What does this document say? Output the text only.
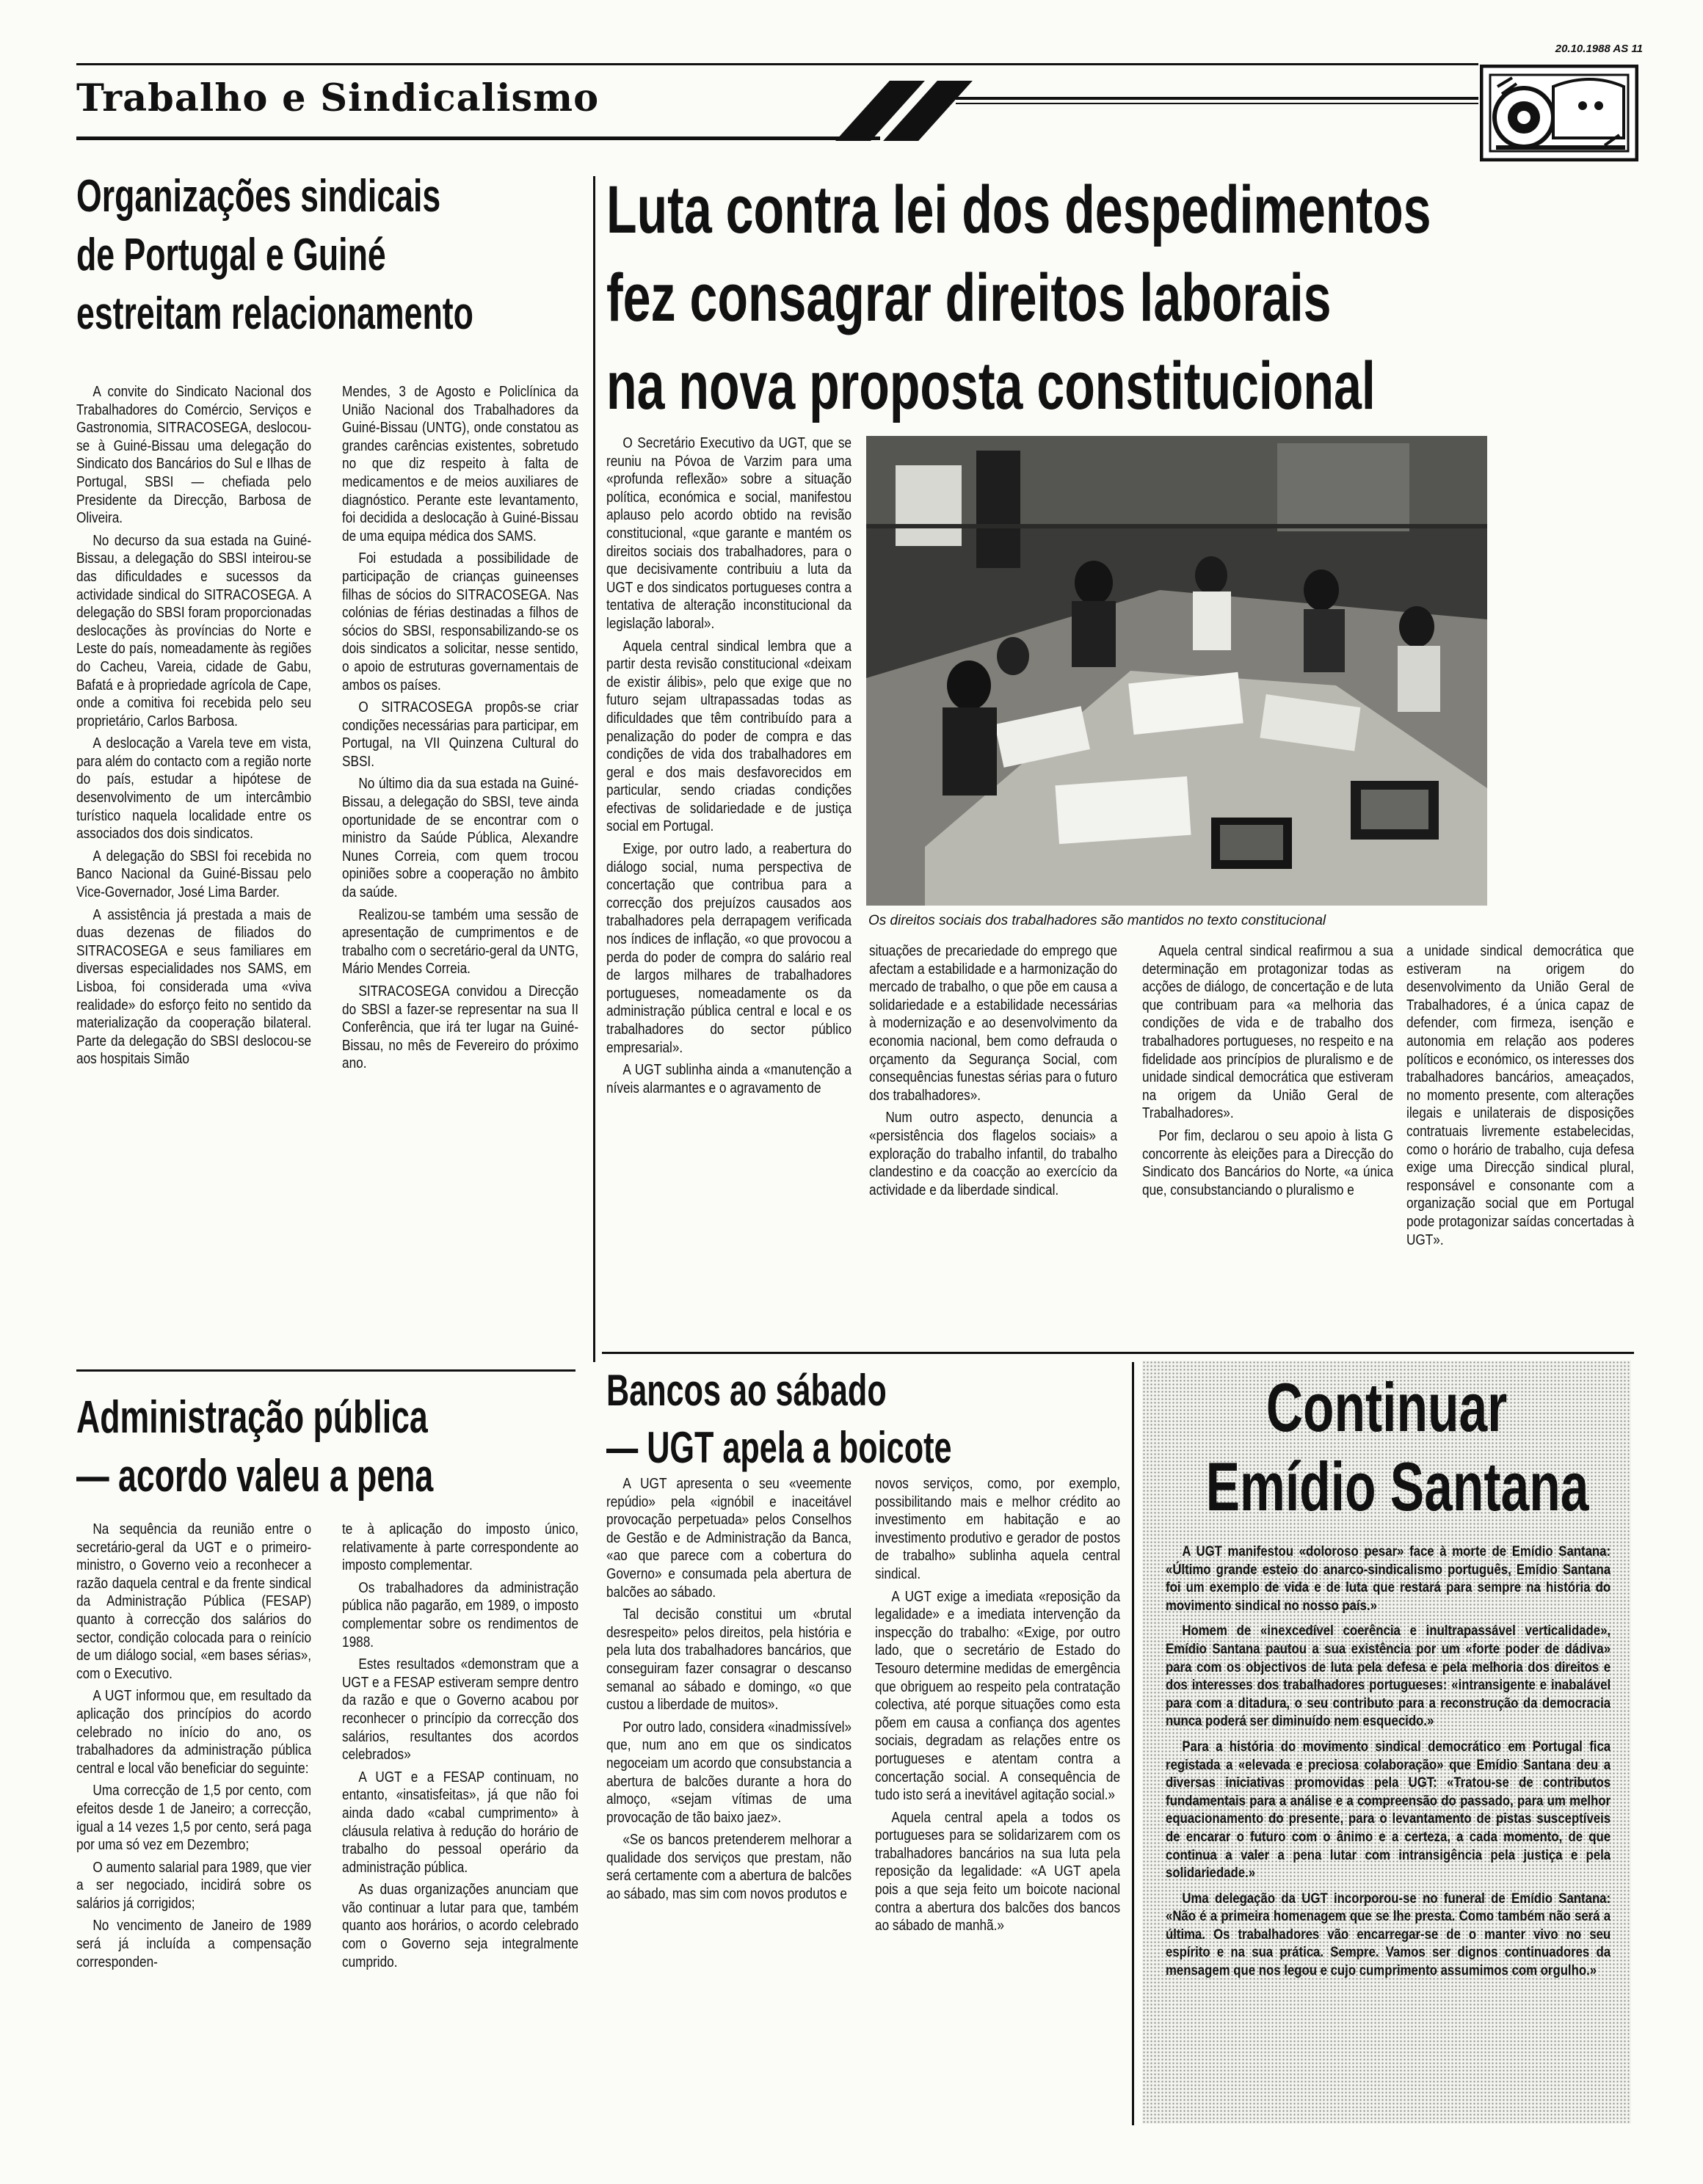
20.10.1988 AS 11
Trabalho e Sindicalismo
Organizações sindicais
de Portugal e Guiné
estreitam relacionamento

A convite do Sindicato Nacional dos Trabalhadores do Comércio, Serviços e Gastronomia, SITRACOSEGA, deslocou-se à Guiné-Bissau uma delegação do Sindicato dos Bancários do Sul e Ilhas de Portugal, SBSI — chefiada pelo Presidente da Direcção, Barbosa de Oliveira.

No decurso da sua estada na Guiné-Bissau, a delegação do SBSI inteirou-se das dificuldades e sucessos da actividade sindical do SITRACOSEGA. A delegação do SBSI foram proporcionadas deslocações às províncias do Norte e Leste do país, nomeadamente às regiões do Cacheu, Vareia, cidade de Gabu, Bafatá e à propriedade agrícola de Cape, onde a comitiva foi recebida pelo seu proprietário, Carlos Barbosa.

A deslocação a Varela teve em vista, para além do contacto com a região norte do país, estudar a hipótese de desenvolvimento de um intercâmbio turístico naquela localidade entre os associados dos dois sindicatos.

A delegação do SBSI foi recebida no Banco Nacional da Guiné-Bissau pelo Vice-Governador, José Lima Barder.

A assistência já prestada a mais de duas dezenas de filiados do SITRACOSEGA e seus familiares em diversas especialidades nos SAMS, em Lisboa, foi considerada uma «viva realidade» do esforço feito no sentido da materialização da cooperação bilateral. Parte da delegação do SBSI deslocou-se aos hospitais Simão

Mendes, 3 de Agosto e Policlínica da União Nacional dos Trabalhadores da Guiné-Bissau (UNTG), onde constatou as grandes carências existentes, sobretudo no que diz respeito à falta de medicamentos e de meios auxiliares de diagnóstico. Perante este levantamento, foi decidida a deslocação à Guiné-Bissau de uma equipa médica dos SAMS.

Foi estudada a possibilidade de participação de crianças guineenses filhas de sócios do SITRACOSEGA. Nas colónias de férias destinadas a filhos de sócios do SBSI, responsabilizando-se os dois sindicatos a solicitar, nesse sentido, o apoio de estruturas governamentais de ambos os países.

O SITRACOSEGA propôs-se criar condições necessárias para participar, em Portugal, na VII Quinzena Cultural do SBSI.

No último dia da sua estada na Guiné-Bissau, a delegação do SBSI, teve ainda oportunidade de se encontrar com o ministro da Saúde Pública, Alexandre Nunes Correia, com quem trocou opiniões sobre a cooperação no âmbito da saúde.

Realizou-se também uma sessão de apresentação de cumprimentos e de trabalho com o secretário-geral da UNTG, Mário Mendes Correia.

SITRACOSEGA convidou a Direcção do SBSI a fazer-se representar na sua II Conferência, que irá ter lugar na Guiné-Bissau, no mês de Fevereiro do próximo ano.

Luta contra lei dos despedimentos
fez consagrar direitos laborais
na nova proposta constitucional

O Secretário Executivo da UGT, que se reuniu na Póvoa de Varzim para uma «profunda reflexão» sobre a situação política, económica e social, manifestou aplauso pelo acordo obtido na revisão constitucional, «que garante e mantém os direitos sociais dos trabalhadores, para o que decisivamente contribuiu a luta da UGT e dos sindicatos portugueses contra a tentativa de alteração inconstitucional da legislação laboral».

Aquela central sindical lembra que a partir desta revisão constitucional «deixam de existir álibis», pelo que exige que no futuro sejam ultrapassadas todas as dificuldades que têm contribuído para a penalização do poder de compra e das condições de vida dos trabalhadores em geral e dos mais desfavorecidos em particular, sendo criadas condições efectivas de solidariedade e de justiça social em Portugal.

Exige, por outro lado, a reabertura do diálogo social, numa perspectiva de concertação que contribua para a correcção dos prejuízos causados aos trabalhadores pela derrapagem verificada nos índices de inflação, «o que provocou a perda do poder de compra do salário real de largos milhares de trabalhadores portugueses, nomeadamente os da administração pública central e local e os trabalhadores do sector público empresarial».

A UGT sublinha ainda a «manutenção a níveis alarmantes e o agravamento de

Os direitos sociais dos trabalhadores são mantidos no texto constitucional

situações de precariedade do emprego que afectam a estabilidade e a harmonização do mercado de trabalho, o que põe em causa a solidariedade e a estabilidade necessárias à modernização e ao desenvolvimento da economia nacional, bem como defrauda o orçamento da Segurança Social, com consequências funestas sérias para o futuro dos trabalhadores».

Num outro aspecto, denuncia a «persistência dos flagelos sociais» a exploração do trabalho infantil, do trabalho clandestino e da coacção ao exercício da actividade e da liberdade sindical.

Aquela central sindical reafirmou a sua determinação em protagonizar todas as acções de diálogo, de concertação e de luta que contribuam para «a melhoria das condições de vida e de trabalho dos trabalhadores portugueses, no respeito e na fidelidade aos princípios de pluralismo e de unidade sindical democrática que estiveram na origem da União Geral de Trabalhadores».

Por fim, declarou o seu apoio à lista G concorrente às eleições para a Direcção do Sindicato dos Bancários do Norte, «a única que, consubstanciando o pluralismo e

a unidade sindical democrática que estiveram na origem do desenvolvimento da União Geral de Trabalhadores, é a única capaz de defender, com firmeza, isenção e autonomia em relação aos poderes políticos e económico, os interesses dos trabalhadores bancários, ameaçados, no momento presente, com alterações ilegais e unilaterais de disposições contratuais livremente estabelecidas, como o horário de trabalho, cuja defesa exige uma Direcção sindical plural, responsável e consonante com a organização social que em Portugal pode protagonizar saídas concertadas à UGT».

Administração pública
— acordo valeu a pena

Na sequência da reunião entre o secretário-geral da UGT e o primeiro-ministro, o Governo veio a reconhecer a razão daquela central e da frente sindical da Administração Pública (FESAP) quanto à correcção dos salários do sector, condição colocada para o reinício de um diálogo social, «em bases sérias», com o Executivo.

A UGT informou que, em resultado da aplicação dos princípios do acordo celebrado no início do ano, os trabalhadores da administração pública central e local vão beneficiar do seguinte:

Uma correcção de 1,5 por cento, com efeitos desde 1 de Janeiro; a correcção, igual a 14 vezes 1,5 por cento, será paga por uma só vez em Dezembro;

O aumento salarial para 1989, que vier a ser negociado, incidirá sobre os salários já corrigidos;

No vencimento de Janeiro de 1989 será já incluída a compensação corresponden-

te à aplicação do imposto único, relativamente à parte correspondente ao imposto complementar.

Os trabalhadores da administração pública não pagarão, em 1989, o imposto complementar sobre os rendimentos de 1988.

Estes resultados «demonstram que a UGT e a FESAP estiveram sempre dentro da razão e que o Governo acabou por reconhecer o princípio da correcção dos salários, resultantes dos acordos celebrados»

A UGT e a FESAP continuam, no entanto, «insatisfeitas», já que não foi ainda dado «cabal cumprimento» à cláusula relativa à redução do horário de trabalho do pessoal operário da administração pública.

As duas organizações anunciam que vão continuar a lutar para que, também quanto aos horários, o acordo celebrado com o Governo seja integralmente cumprido.

Bancos ao sábado
— UGT apela a boicote

A UGT apresenta o seu «veemente repúdio» pela «ignóbil e inaceitável provocação perpetuada» pelos Conselhos de Gestão e de Administração da Banca, «ao que parece com a cobertura do Governo» e consumada pela abertura de balcões ao sábado.

Tal decisão constitui um «brutal desrespeito» pelos direitos, pela história e pela luta dos trabalhadores bancários, que conseguiram fazer consagrar o descanso semanal ao sábado e domingo, «o que custou a liberdade de muitos».

Por outro lado, considera «inadmissível» que, num ano em que os sindicatos negoceiam um acordo que consubstancia a abertura de balcões durante a hora do almoço, «sejam vítimas de uma provocação de tão baixo jaez».

«Se os bancos pretenderem melhorar a qualidade dos serviços que prestam, não será certamente com a abertura de balcões ao sábado, mas sim com novos produtos e

novos serviços, como, por exemplo, possibilitando mais e melhor crédito ao investimento em habitação e ao investimento produtivo e gerador de postos de trabalho» sublinha aquela central sindical.

A UGT exige a imediata «reposição da legalidade» e a imediata intervenção da inspecção do trabalho: «Exige, por outro lado, que o secretário de Estado do Tesouro determine medidas de emergência que obriguem ao respeito pela contratação colectiva, até porque situações como esta põem em causa a confiança dos agentes sociais, degradam as relações entre os portugueses e atentam contra a concertação social. A consequência de tudo isto será a inevitável agitação social.»

Aquela central apela a todos os portugueses para se solidarizarem com os trabalhadores bancários na sua luta pela reposição da legalidade: «A UGT apela pois a que seja feito um boicote nacional contra a abertura dos balcões dos bancos ao sábado de manhã.»

Continuar
Emídio Santana

A UGT manifestou «doloroso pesar» face à morte de Emídio Santana: «Último grande esteio do anarco-sindicalismo português, Emídio Santana foi um exemplo de vida e de luta que restará para sempre na história do movimento sindical no nosso país.»

Homem de «inexcedível coerência e inultrapassável verticalidade», Emídio Santana pautou a sua existência por um «forte poder de dádiva» para com os objectivos de luta pela defesa e pela melhoria dos direitos e dos interesses dos trabalhadores portugueses: «intransigente e inabalável para com a ditadura, o seu contributo para a reconstrução da democracia nunca poderá ser diminuído nem esquecido.»

Para a história do movimento sindical democrático em Portugal fica registada a «elevada e preciosa colaboração» que Emídio Santana deu a diversas iniciativas promovidas pela UGT: «Tratou-se de contributos fundamentais para a análise e a compreensão do passado, para um melhor equacionamento do presente, para o levantamento de pistas susceptíveis de encarar o futuro com o ânimo e a certeza, a cada momento, de que continua a valer a pena lutar com intransigência pela justiça e pela solidariedade.»

Uma delegação da UGT incorporou-se no funeral de Emídio Santana: «Não é a primeira homenagem que se lhe presta. Como também não será a última. Os trabalhadores vão encarregar-se de o manter vivo no seu espírito e na sua prática. Sempre. Vamos ser dignos continuadores da mensagem que nos legou e cujo cumprimento assumimos com orgulho.»
